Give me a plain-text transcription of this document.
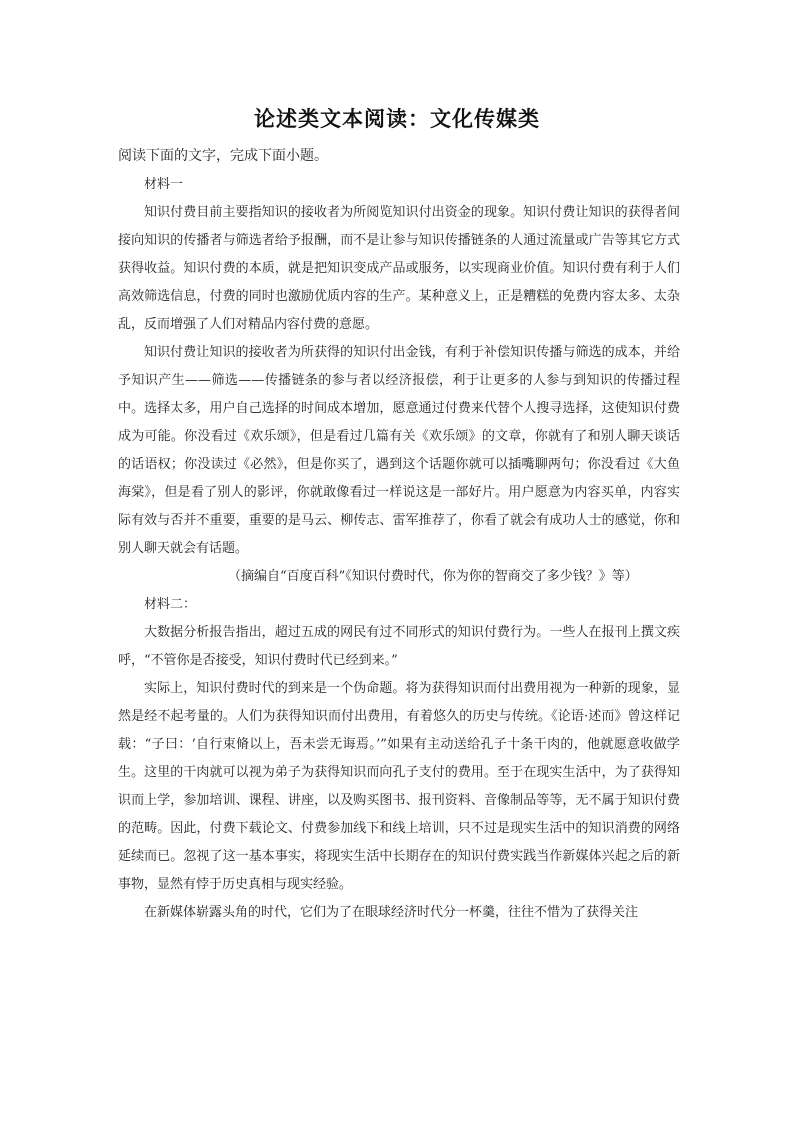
论述类文本阅读：文化传媒类
阅读下面的文字，完成下面小题。

材料一

知识付费目前主要指知识的接收者为所阅览知识付出资金的现象。知识付费让知识的获得者间接向知识的传播者与筛选者给予报酬，而不是让参与知识传播链条的人通过流量或广告等其它方式获得收益。知识付费的本质，就是把知识变成产品或服务，以实现商业价值。知识付费有利于人们高效筛选信息，付费的同时也激励优质内容的生产。某种意义上，正是糟糕的免费内容太多、太杂乱，反而增强了人们对精品内容付费的意愿。

知识付费让知识的接收者为所获得的知识付出金钱，有利于补偿知识传播与筛选的成本，并给予知识产生——筛选——传播链条的参与者以经济报偿，利于让更多的人参与到知识的传播过程中。选择太多，用户自己选择的时间成本增加，愿意通过付费来代替个人搜寻选择，这使知识付费成为可能。你没看过《欢乐颂》，但是看过几篇有关《欢乐颂》的文章，你就有了和别人聊天谈话的话语权；你没读过《必然》，但是你买了，遇到这个话题你就可以插嘴聊两句；你没看过《大鱼海棠》，但是看了别人的影评，你就敢像看过一样说这是一部好片。用户愿意为内容买单，内容实际有效与否并不重要，重要的是马云、柳传志、雷军推荐了，你看了就会有成功人士的感觉，你和别人聊天就会有话题。

（摘编自“百度百科”《知识付费时代，你为你的智商交了多少钱？》等）

材料二：

大数据分析报告指出，超过五成的网民有过不同形式的知识付费行为。一些人在报刊上撰文疾呼，“不管你是否接受，知识付费时代已经到来。”

实际上，知识付费时代的到来是一个伪命题。将为获得知识而付出费用视为一种新的现象，显然是经不起考量的。人们为获得知识而付出费用，有着悠久的历史与传统。《论语·述而》曾这样记载：“子曰：‘自行束脩以上，吾未尝无诲焉。’”如果有主动送给孔子十条干肉的，他就愿意收做学生。这里的干肉就可以视为弟子为获得知识而向孔子支付的费用。至于在现实生活中，为了获得知识而上学，参加培训、课程、讲座，以及购买图书、报刊资料、音像制品等等，无不属于知识付费的范畴。因此，付费下载论文、付费参加线下和线上培训，只不过是现实生活中的知识消费的网络延续而已。忽视了这一基本事实，将现实生活中长期存在的知识付费实践当作新媒体兴起之后的新事物，显然有悖于历史真相与现实经验。

在新媒体崭露头角的时代，它们为了在眼球经济时代分一杯羹，往往不惜为了获得关注
